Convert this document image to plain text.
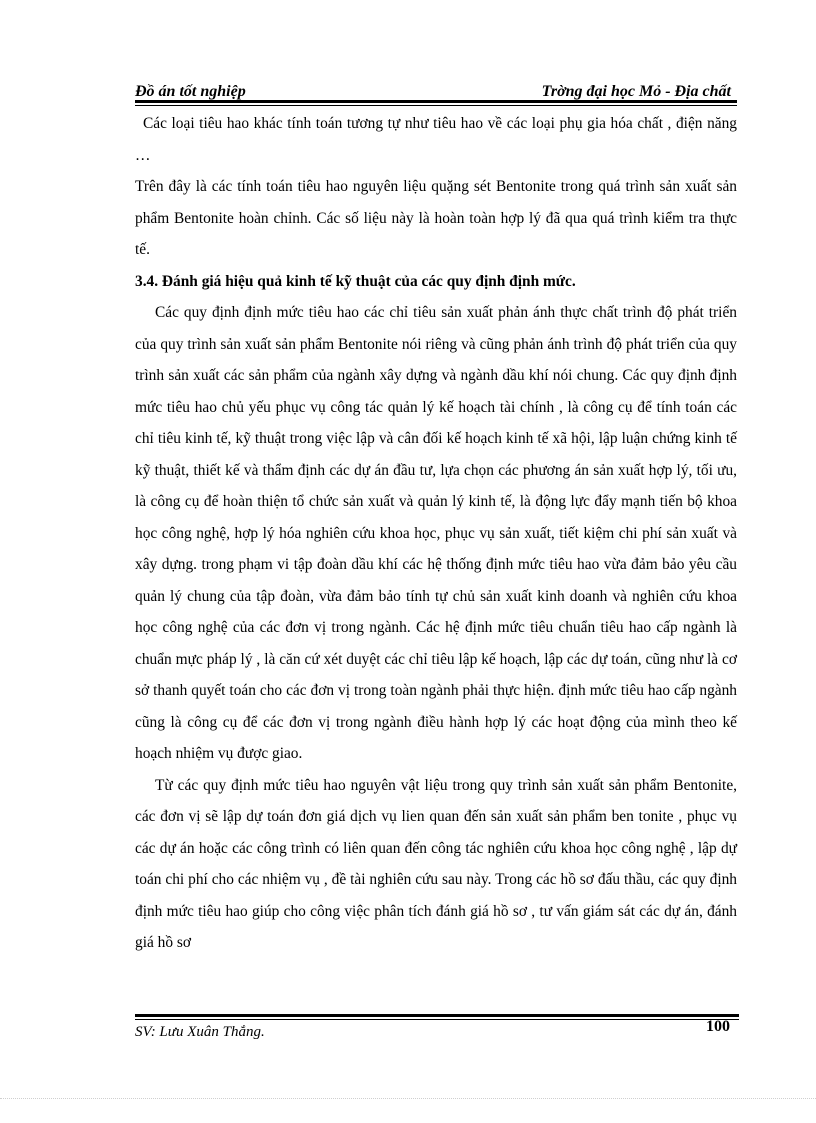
Đồ án tốt nghiệp	Trờng đại học Mỏ - Địa chất

Các loại tiêu hao khác tính toán tương tự như tiêu hao về các loại phụ gia hóa chất , điện năng …

Trên đây là các tính toán tiêu hao nguyên liệu quặng sét Bentonite trong quá trình sản xuất sản phẩm Bentonite hoàn chỉnh. Các số liệu này là hoàn toàn hợp lý đã qua quá trình kiểm tra thực tế.

3.4. Đánh giá hiệu quả kinh tế kỹ thuật của các quy định định mức.

Các quy định định mức tiêu hao các chỉ tiêu sản xuất phản ánh thực chất trình độ phát triển của quy trình sản xuất sản phẩm Bentonite nói riêng và cũng phản ánh trình độ phát triển của quy trình sản xuất các sản phẩm của ngành xây dựng và ngành dầu khí nói chung. Các quy định định mức tiêu hao chủ yếu phục vụ công tác quản lý kế hoạch tài chính , là công cụ để tính toán các chỉ tiêu kinh tế, kỹ thuật trong việc lập và cân đối kế hoạch kinh tế xã hội, lập luận chứng kinh tế kỹ thuật, thiết kế và thẩm định các dự án đầu tư, lựa chọn các phương án sản xuất hợp lý, tối ưu, là công cụ để hoàn thiện tổ chức sản xuất và quản lý kinh tế, là động lực đẩy mạnh tiến bộ khoa học công nghệ, hợp lý hóa nghiên cứu khoa học, phục vụ sản xuất, tiết kiệm chi phí sản xuất và xây dựng. trong phạm vi tập đoàn dầu khí các hệ thống định mức tiêu hao vừa đảm bảo yêu cầu quản lý chung của tập đoàn, vừa đảm bảo tính tự chủ sản xuất kinh doanh và nghiên cứu khoa học công nghệ của các đơn vị trong ngành. Các hệ định mức tiêu chuẩn tiêu hao cấp ngành là chuẩn mực pháp lý , là căn cứ xét duyệt các chỉ tiêu lập kế hoạch, lập các dự toán, cũng như là cơ sở thanh quyết toán cho các đơn vị trong toàn ngành phải thực hiện. định mức tiêu hao cấp ngành cũng là công cụ để các đơn vị trong ngành điều hành hợp lý các hoạt động của mình theo kế hoạch nhiệm vụ được giao.

Từ các quy định mức tiêu hao nguyên vật liệu trong quy trình sản xuất sản phẩm Bentonite, các đơn vị sẽ lập dự toán đơn giá dịch vụ lien quan đến sản xuất sản phẩm ben tonite , phục vụ các dự án hoặc các công trình có liên quan đến công tác nghiên cứu khoa học công nghệ , lập dự toán chi phí cho các nhiệm vụ , đề tài nghiên cứu sau này. Trong các hồ sơ đấu thầu, các quy định định mức tiêu hao giúp cho công việc phân tích đánh giá hồ sơ , tư vấn giám sát các dự án, đánh giá hồ sơ

SV: Lưu Xuân Thắng.	100
